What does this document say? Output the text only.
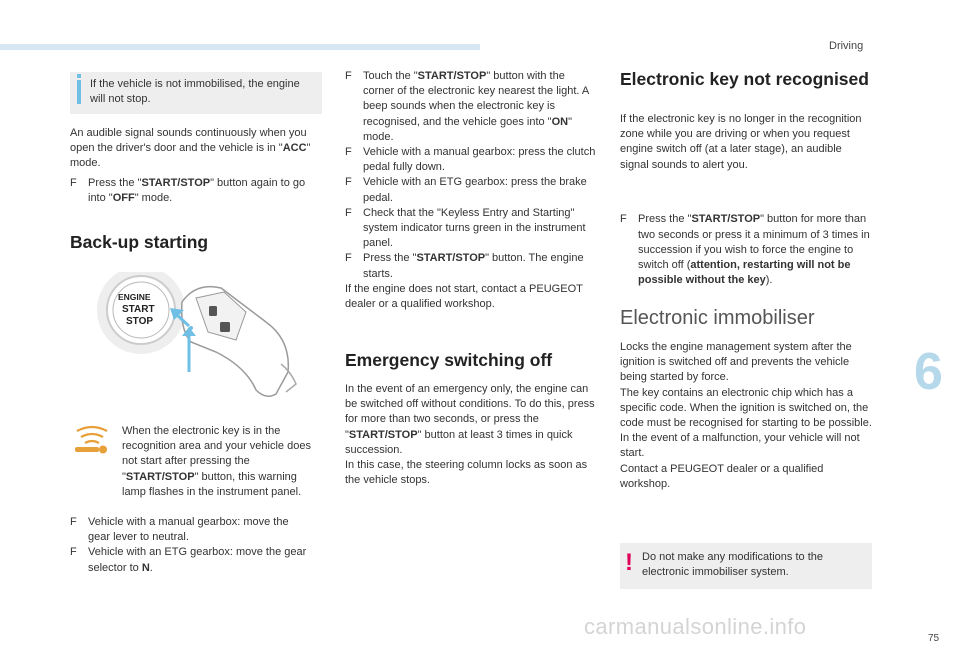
Driving
6
75
carmanualsonline.info

If the vehicle is not immobilised, the engine will not stop.

An audible signal sounds continuously when you open the driver's door and the vehicle is in "ACC" mode.

F Press the "START/STOP" button again to go into "OFF" mode.

Back-up starting
ENGINE
START
STOP

When the electronic key is in the recognition area and your vehicle does not start after pressing the "START/STOP" button, this warning lamp flashes in the instrument panel.

F Vehicle with a manual gearbox: move the gear lever to neutral.

F Vehicle with an ETG gearbox: move the gear selector to N.

F Touch the "START/STOP" button with the corner of the electronic key nearest the light. A beep sounds when the electronic key is recognised, and the vehicle goes into "ON" mode.

F Vehicle with a manual gearbox: press the clutch pedal fully down.

F Vehicle with an ETG gearbox: press the brake pedal.

F Check that the "Keyless Entry and Starting" system indicator turns green in the instrument panel.

F Press the "START/STOP" button. The engine starts.

If the engine does not start, contact a PEUGEOT dealer or a qualified workshop.

Emergency switching off

In the event of an emergency only, the engine can be switched off without conditions. To do this, press for more than two seconds, or press the "START/STOP" button at least 3 times in quick succession.

In this case, the steering column locks as soon as the vehicle stops.

Electronic key not recognised

If the electronic key is no longer in the recognition zone while you are driving or when you request engine switch off (at a later stage), an audible signal sounds to alert you.

F Press the "START/STOP" button for more than two seconds or press it a minimum of 3 times in succession if you wish to force the engine to switch off (attention, restarting will not be possible without the key).

Electronic immobiliser

Locks the engine management system after the ignition is switched off and prevents the vehicle being started by force.

The key contains an electronic chip which has a specific code. When the ignition is switched on, the code must be recognised for starting to be possible.

In the event of a malfunction, your vehicle will not start.

Contact a PEUGEOT dealer or a qualified workshop.

! Do not make any modifications to the electronic immobiliser system.
